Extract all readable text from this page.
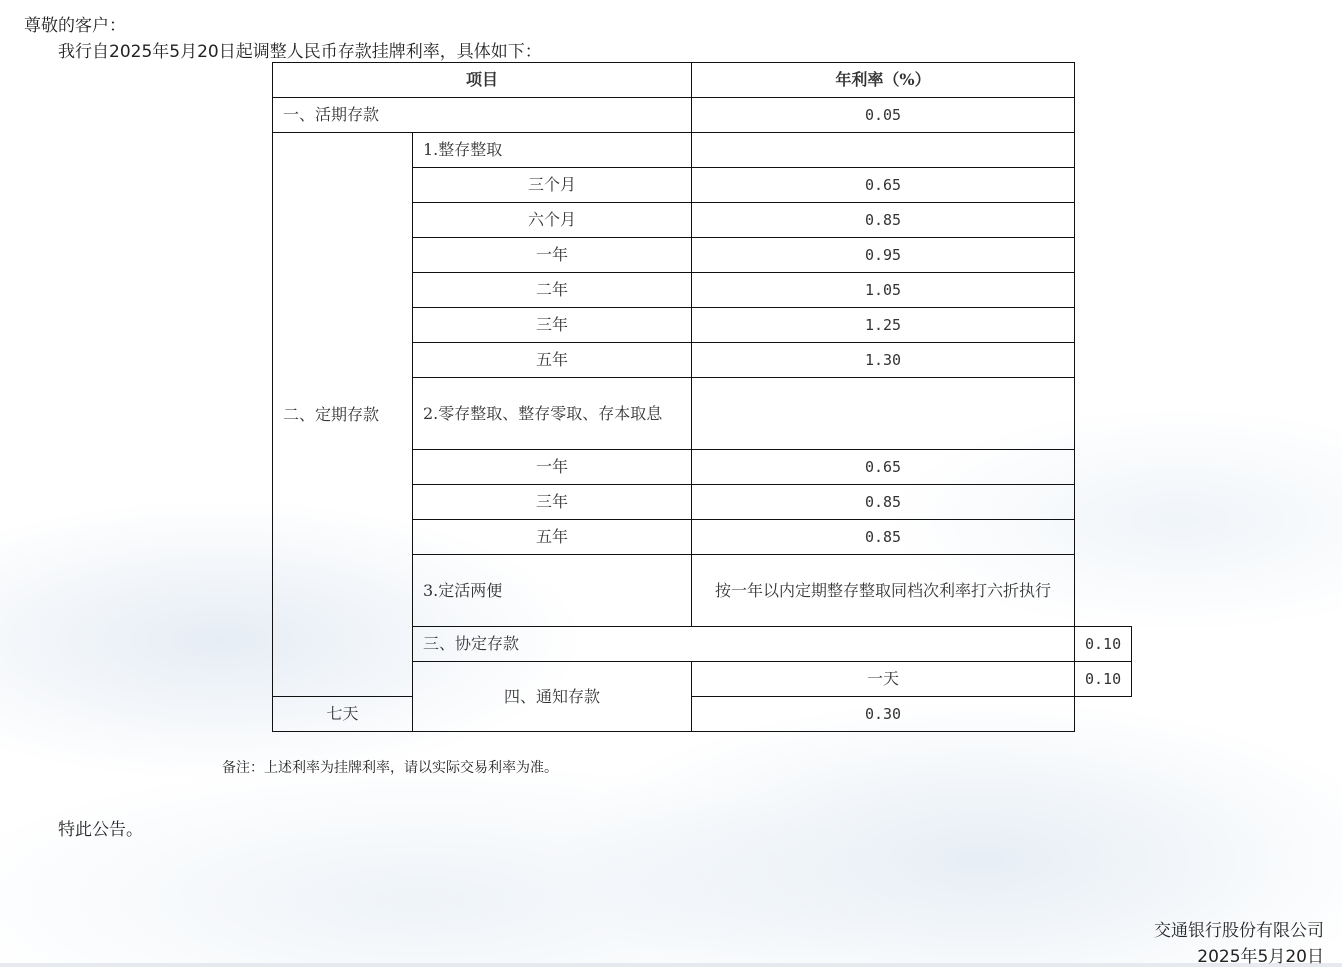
尊敬的客户：
我行自2025年5月20日起调整人民币存款挂牌利率，具体如下：
项目		年利率（%）	
一、活期存款		0.05	
二、定期存款	1.整存整取		
	三个月	0.65	
	六个月	0.85	
	一年	0.95	
	二年	1.05	
	三年	1.25	
	五年	1.30	
	2.零存整取、整存零取、存本取息		
	一年	0.65	
	三年	0.85	
	五年	0.85	
	3.定活两便	按一年以内定期整存整取同档次利率打六折执行	
	三、协定存款		0.10
	四、通知存款	一天	0.10
七天		0.30	
备注：上述利率为挂牌利率，请以实际交易利率为准。
特此公告。
交通银行股份有限公司
2025年5月20日
